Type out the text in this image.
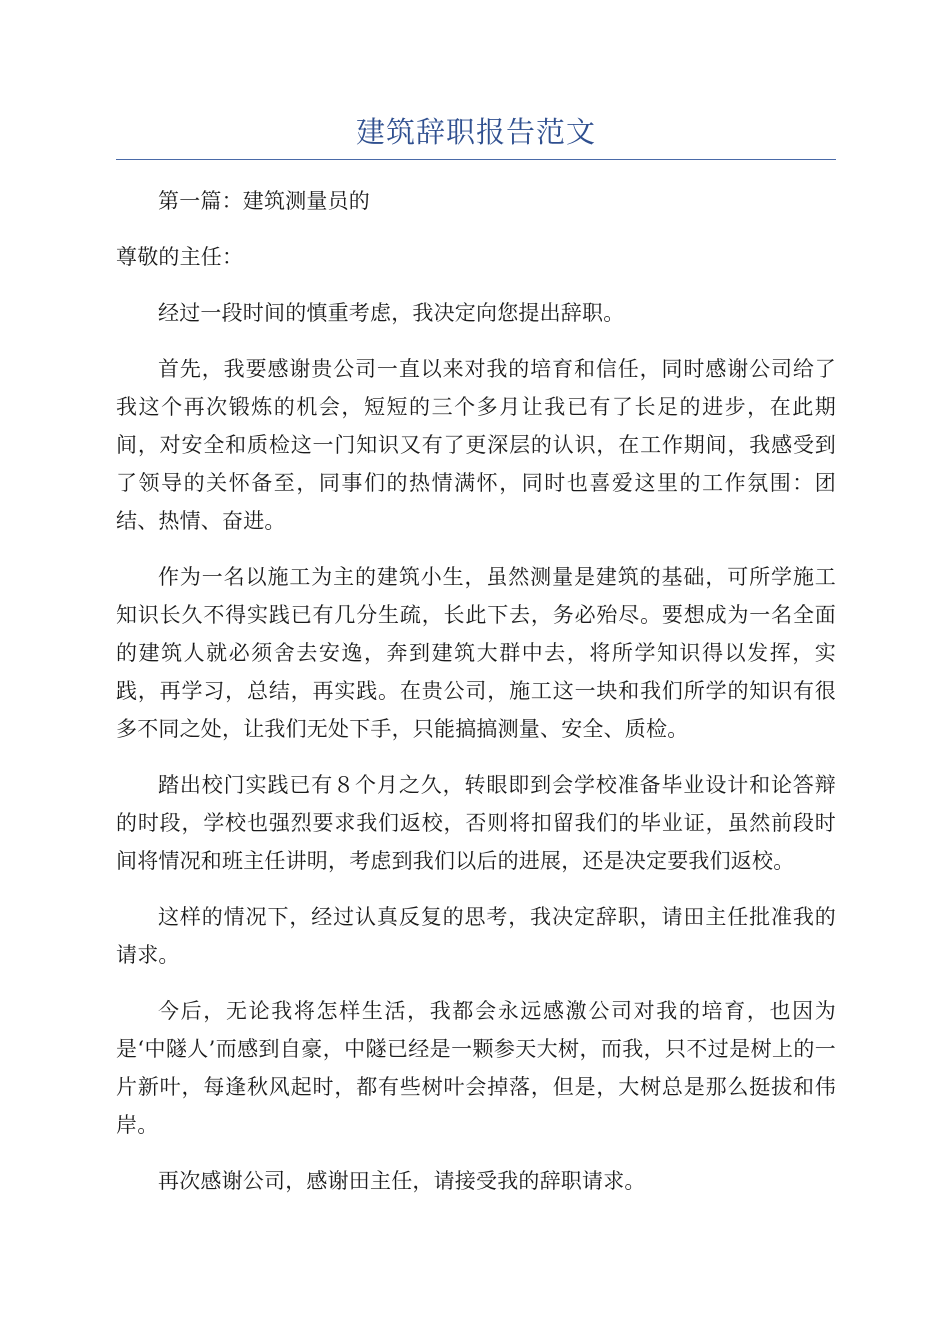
建筑辞职报告范文

第一篇：建筑测量员的

尊敬的主任：

经过一段时间的慎重考虑，我决定向您提出辞职。

首先，我要感谢贵公司一直以来对我的培育和信任，同时感谢公司给了我这个再次锻炼的机会，短短的三个多月让我已有了长足的进步，在此期间，对安全和质检这一门知识又有了更深层的认识，在工作期间，我感受到了领导的关怀备至，同事们的热情满怀，同时也喜爱这里的工作氛围：团结、热情、奋进。

作为一名以施工为主的建筑小生，虽然测量是建筑的基础，可所学施工知识长久不得实践已有几分生疏，长此下去，务必殆尽。要想成为一名全面的建筑人就必须舍去安逸，奔到建筑大群中去，将所学知识得以发挥，实践，再学习，总结，再实践。在贵公司，施工这一块和我们所学的知识有很多不同之处，让我们无处下手，只能搞搞测量、安全、质检。

踏出校门实践已有８个月之久，转眼即到会学校准备毕业设计和论答辩的时段，学校也强烈要求我们返校，否则将扣留我们的毕业证，虽然前段时间将情况和班主任讲明，考虑到我们以后的进展，还是决定要我们返校。

这样的情况下，经过认真反复的思考，我决定辞职，请田主任批准我的请求。

今后，无论我将怎样生活，我都会永远感激公司对我的培育，也因为是‘中隧人’而感到自豪，中隧已经是一颗参天大树，而我，只不过是树上的一片新叶，每逢秋风起时，都有些树叶会掉落，但是，大树总是那么挺拔和伟岸。

再次感谢公司，感谢田主任，请接受我的辞职请求。
